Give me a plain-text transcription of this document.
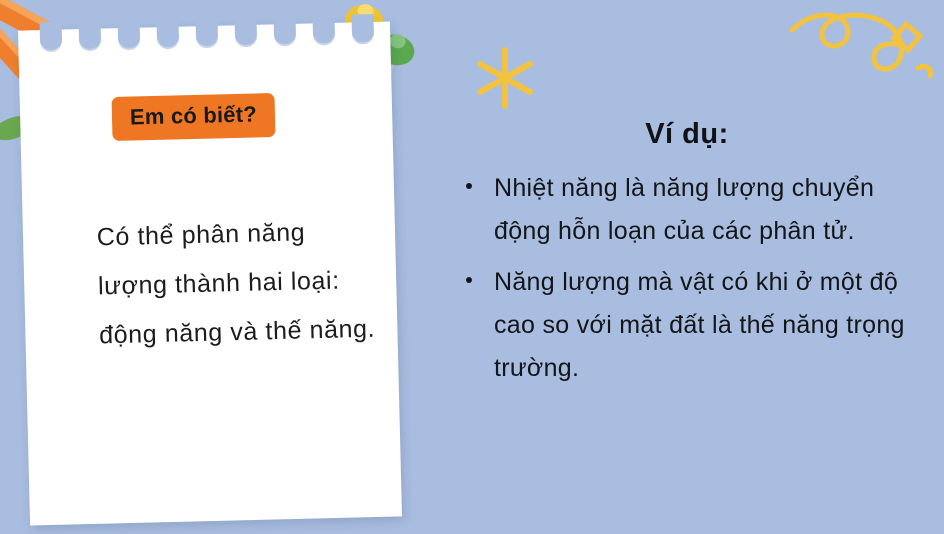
Em có biết?
Có thể phân năng lượng thành hai loại: động năng và thế năng.
Ví dụ:
Nhiệt năng là năng lượng chuyển động hỗn loạn của các phân tử.
Năng lượng mà vật có khi ở một độ cao so với mặt đất là thế năng trọng trường.
